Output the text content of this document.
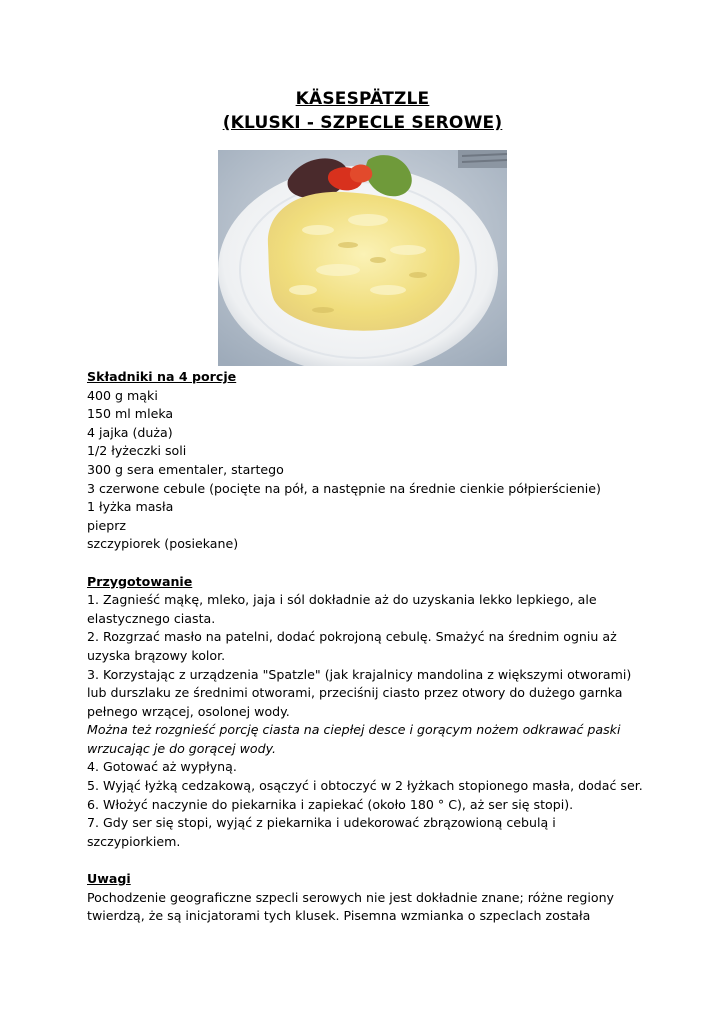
KÄSESPÄTZLE
(KLUSKI - SZPECLE SEROWE)

Składniki na 4 porcje

400 g mąki

150 ml mleka

4 jajka (duża)

1/2 łyżeczki soli

300 g sera ementaler, startego

3 czerwone cebule (pocięte na pół, a następnie na średnie cienkie półpierścienie)

1 łyżka masła

pieprz

szczypiorek (posiekane)

Przygotowanie

1. Zagnieść mąkę, mleko, jaja i sól dokładnie aż do uzyskania lekko lepkiego, ale

elastycznego ciasta.

2. Rozgrzać masło na patelni, dodać pokrojoną cebulę. Smażyć na średnim ogniu aż

uzyska brązowy kolor.

3. Korzystając z urządzenia "Spatzle" (jak krajalnicy mandolina z większymi otworami)

lub durszlaku ze średnimi otworami, przeciśnij ciasto przez otwory do dużego garnka

pełnego wrzącej, osolonej wody.

Można też rozgnieść porcję ciasta na ciepłej desce i gorącym nożem odkrawać paski

wrzucając je do gorącej wody.

4. Gotować aż wypłyną.

5. Wyjąć łyżką cedzakową, osączyć i obtoczyć w 2 łyżkach stopionego masła, dodać ser.

6. Włożyć naczynie do piekarnika i zapiekać (około 180 ° C), aż ser się stopi).

7. Gdy ser się stopi, wyjąć z piekarnika i udekorować zbrązowioną cebulą i

szczypiorkiem.

Uwagi

Pochodzenie geograficzne szpecli serowych nie jest dokładnie znane; różne regiony

twierdzą, że są inicjatorami tych klusek. Pisemna wzmianka o szpeclach została
